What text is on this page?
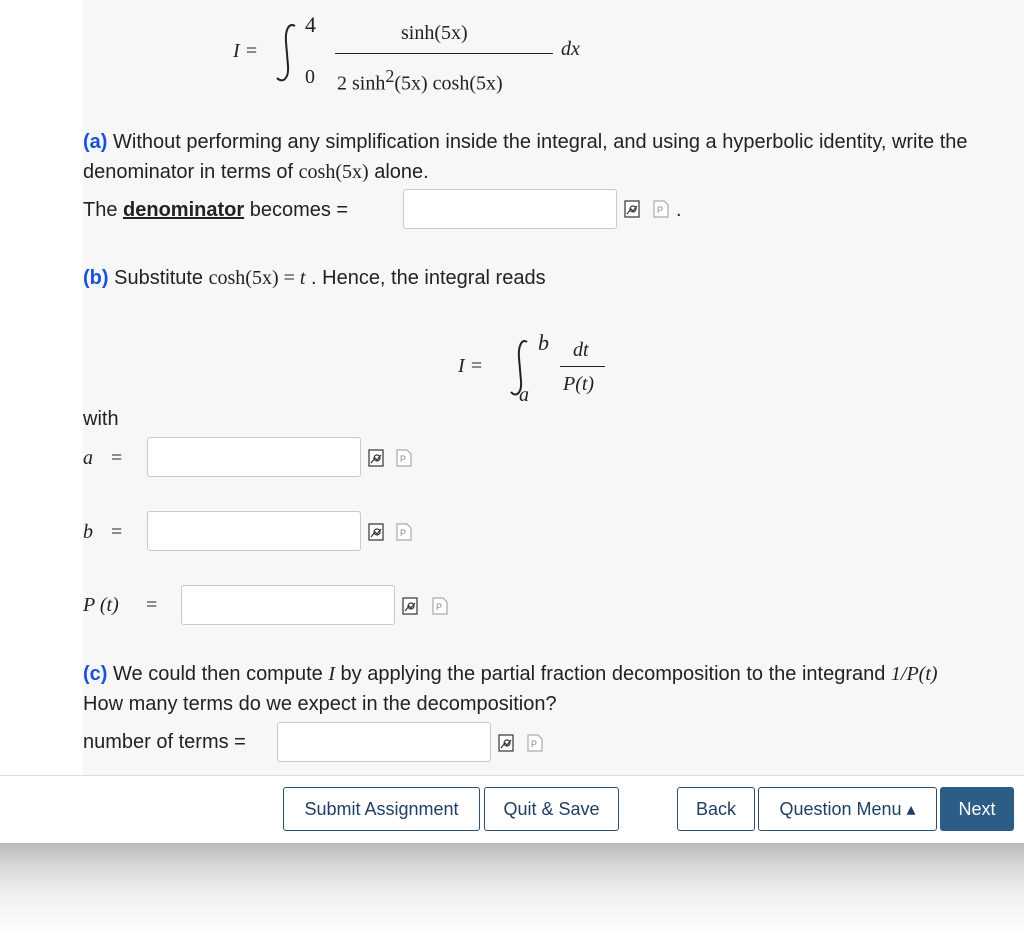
I =
4
0
sinh(5x)
2 $\sinh^2(5x)$ cosh(5x)
dx
(a) Without performing any simplification inside the integral, and using a hyperbolic identity, write the
denominator in terms of cosh(5x) alone.
The denominator becomes =	P .
(b) Substitute cosh(5x) = t . Hence, the integral reads
I =
b
a
dt
P(t)
with
a =	P
b =	P
P (t) =	P
(c) We could then compute I by applying the partial fraction decomposition to the integrand 1/P(t)
How many terms do we expect in the decomposition?
number of terms =	P
Submit Assignment	Quit & Save	Back	Question Menu ▴	Next
